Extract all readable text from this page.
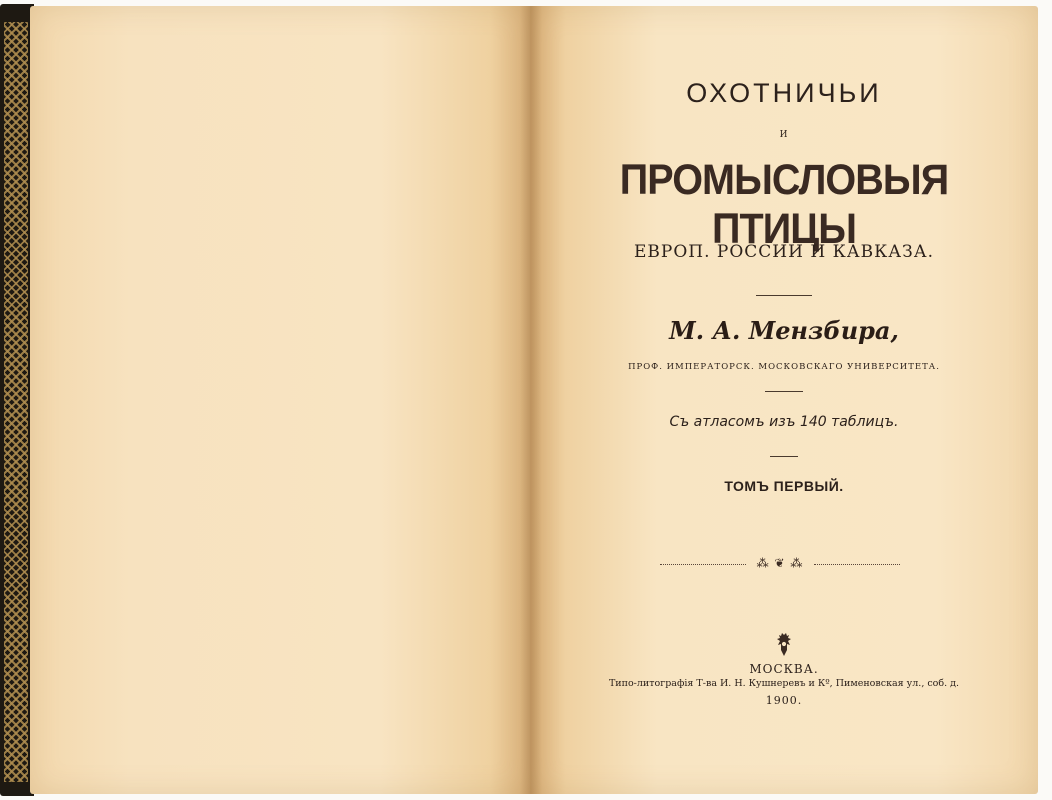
ОХОТНИЧЬИ
И
ПРОМЫСЛОВЫЯ ПТИЦЫ
ЕВРОП. РОССИИ И КАВКАЗА.
М. А. Мензбира,
ПРОФ. ИМПЕРАТОРСК. МОСКОВСКАГО УНИВЕРСИТЕТА.
Съ атласомъ изъ 140 таблицъ.
ТОМЪ ПЕРВЫЙ.
⁂ ❦ ⁂
МОСКВА.
Типо-литографія Т-ва И. Н. Кушнеревъ и Кº, Пименовская ул., соб. д.
1900.
